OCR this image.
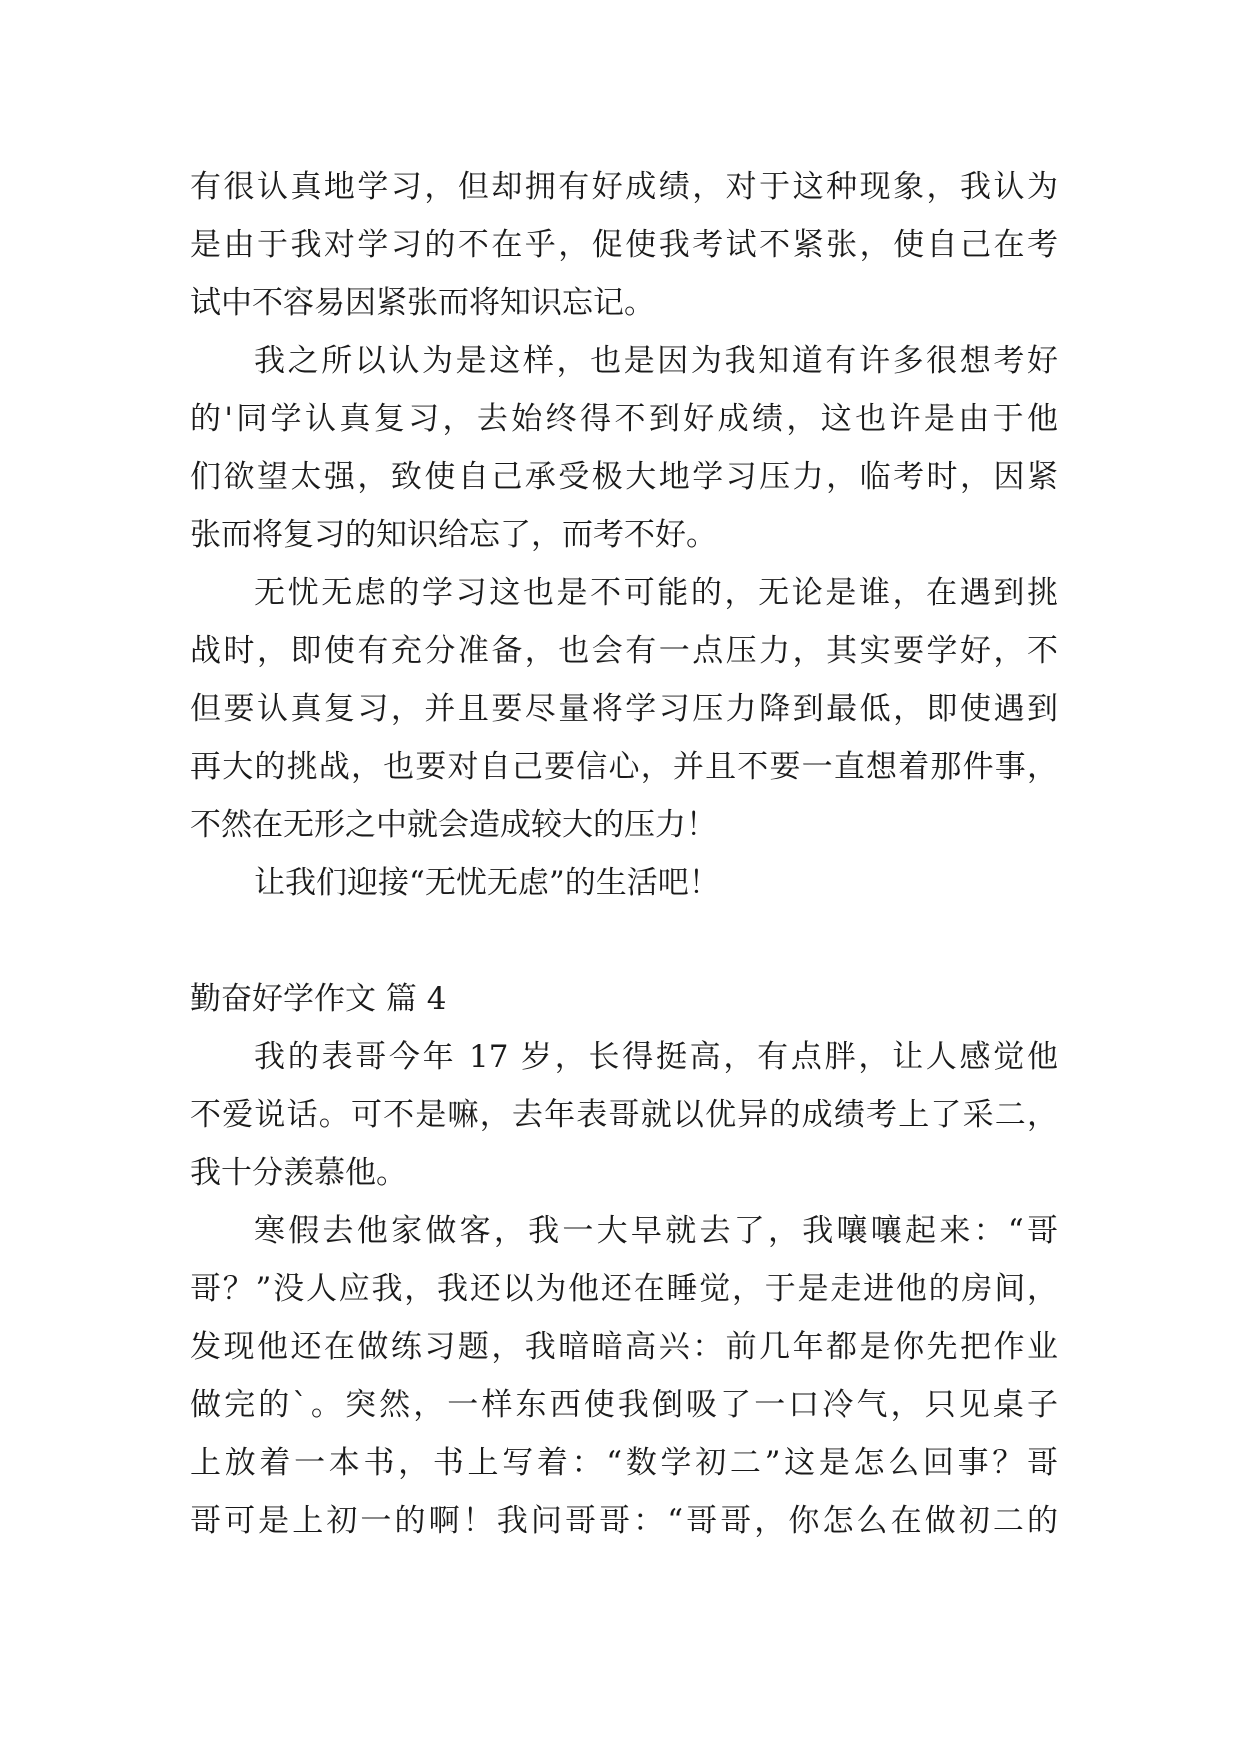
有很认真地学习，但却拥有好成绩，对于这种现象，我认为
是由于我对学习的不在乎，促使我考试不紧张，使自己在考
试中不容易因紧张而将知识忘记。
我之所以认为是这样，也是因为我知道有许多很想考好
的'同学认真复习，去始终得不到好成绩，这也许是由于他
们欲望太强，致使自己承受极大地学习压力，临考时，因紧
张而将复习的知识给忘了，而考不好。
无忧无虑的学习这也是不可能的，无论是谁，在遇到挑
战时，即使有充分准备，也会有一点压力，其实要学好，不
但要认真复习，并且要尽量将学习压力降到最低，即使遇到
再大的挑战，也要对自己要信心，并且不要一直想着那件事，
不然在无形之中就会造成较大的压力！
让我们迎接“无忧无虑”的生活吧！
勤奋好学作文 篇 4
我的表哥今年 17 岁，长得挺高，有点胖，让人感觉他
不爱说话。可不是嘛，去年表哥就以优异的成绩考上了采二，
我十分羡慕他。
寒假去他家做客，我一大早就去了，我嚷嚷起来：“哥
哥？”没人应我，我还以为他还在睡觉，于是走进他的房间，
发现他还在做练习题，我暗暗高兴：前几年都是你先把作业
做完的`。突然，一样东西使我倒吸了一口冷气，只见桌子
上放着一本书，书上写着：“数学初二”这是怎么回事？哥
哥可是上初一的啊！我问哥哥：“哥哥，你怎么在做初二的
